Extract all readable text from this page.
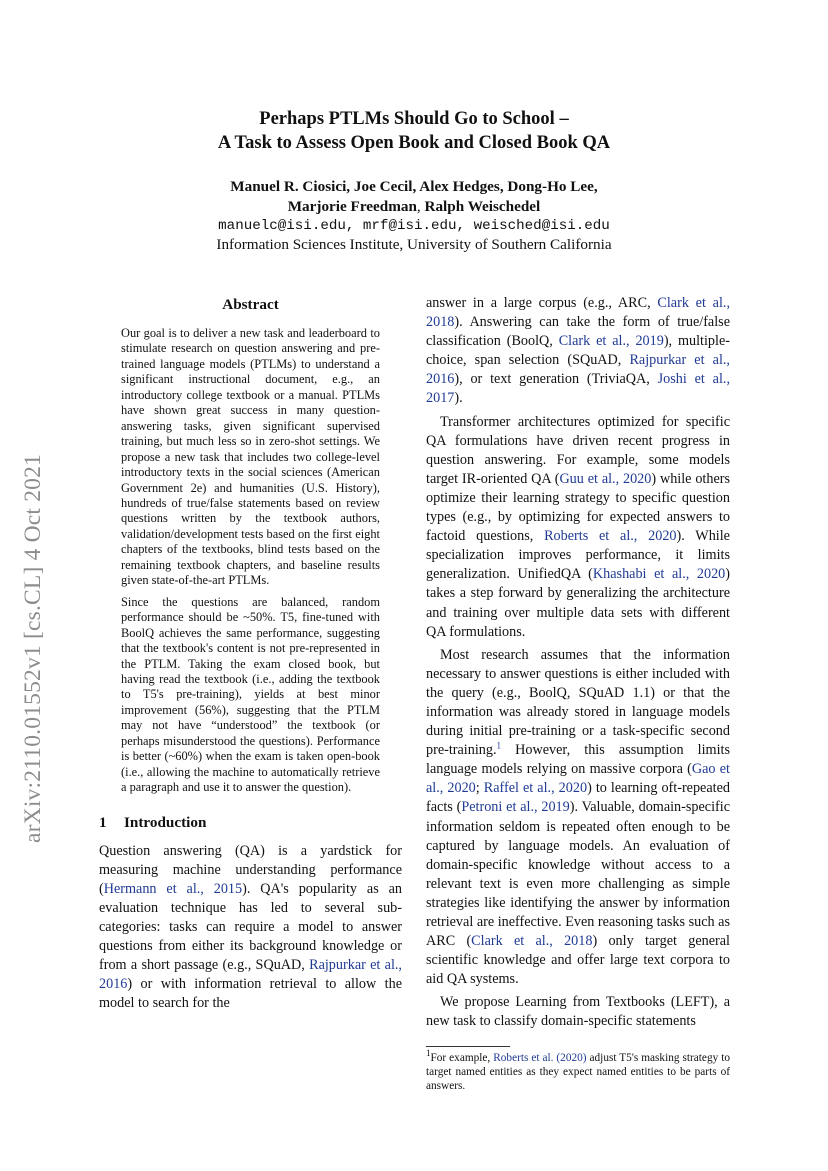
arXiv:2110.01552v1 [cs.CL] 4 Oct 2021
Perhaps PTLMs Should Go to School –
A Task to Assess Open Book and Closed Book QA
Manuel R. Ciosici, Joe Cecil, Alex Hedges, Dong-Ho Lee,
Marjorie Freedman, Ralph Weischedel
manuelc@isi.edu, mrf@isi.edu, weisched@isi.edu
Information Sciences Institute, University of Southern California
Abstract

Our goal is to deliver a new task and leaderboard to stimulate research on question answering and pre-trained language models (PTLMs) to understand a significant instructional document, e.g., an introductory college textbook or a manual. PTLMs have shown great success in many question-answering tasks, given significant supervised training, but much less so in zero-shot settings. We propose a new task that includes two college-level introductory texts in the social sciences (American Government 2e) and humanities (U.S. History), hundreds of true/false statements based on review questions written by the textbook authors, validation/development tests based on the first eight chapters of the textbooks, blind tests based on the remaining textbook chapters, and baseline results given state-of-the-art PTLMs.

Since the questions are balanced, random performance should be ~50%. T5, fine-tuned with BoolQ achieves the same performance, suggesting that the textbook's content is not pre-represented in the PTLM. Taking the exam closed book, but having read the textbook (i.e., adding the textbook to T5's pre-training), yields at best minor improvement (56%), suggesting that the PTLM may not have “understood” the textbook (or perhaps misunderstood the questions). Performance is better (~60%) when the exam is taken open-book (i.e., allowing the machine to automatically retrieve a paragraph and use it to answer the question).

1 Introduction

Question answering (QA) is a yardstick for measuring machine understanding performance (Hermann et al., 2015). QA's popularity as an evaluation technique has led to several sub-categories: tasks can require a model to answer questions from either its background knowledge or from a short passage (e.g., SQuAD, Rajpurkar et al., 2016) or with information retrieval to allow the model to search for the

answer in a large corpus (e.g., ARC, Clark et al., 2018). Answering can take the form of true/false classification (BoolQ, Clark et al., 2019), multiple-choice, span selection (SQuAD, Rajpurkar et al., 2016), or text generation (TriviaQA, Joshi et al., 2017).

Transformer architectures optimized for specific QA formulations have driven recent progress in question answering. For example, some models target IR-oriented QA (Guu et al., 2020) while others optimize their learning strategy to specific question types (e.g., by optimizing for expected answers to factoid questions, Roberts et al., 2020). While specialization improves performance, it limits generalization. UnifiedQA (Khashabi et al., 2020) takes a step forward by generalizing the architecture and training over multiple data sets with different QA formulations.

Most research assumes that the information necessary to answer questions is either included with the query (e.g., BoolQ, SQuAD 1.1) or that the information was already stored in language models during initial pre-training or a task-specific second pre-training.$^1$ However, this assumption limits language models relying on massive corpora (Gao et al., 2020; Raffel et al., 2020) to learning oft-repeated facts (Petroni et al., 2019). Valuable, domain-specific information seldom is repeated often enough to be captured by language models. An evaluation of domain-specific knowledge without access to a relevant text is even more challenging as simple strategies like identifying the answer by information retrieval are ineffective. Even reasoning tasks such as ARC (Clark et al., 2018) only target general scientific knowledge and offer large text corpora to aid QA systems.

We propose Learning from Textbooks (LEFT), a new task to classify domain-specific statements

$^1$For example, Roberts et al. (2020) adjust T5's masking strategy to target named entities as they expect named entities to be parts of answers.
